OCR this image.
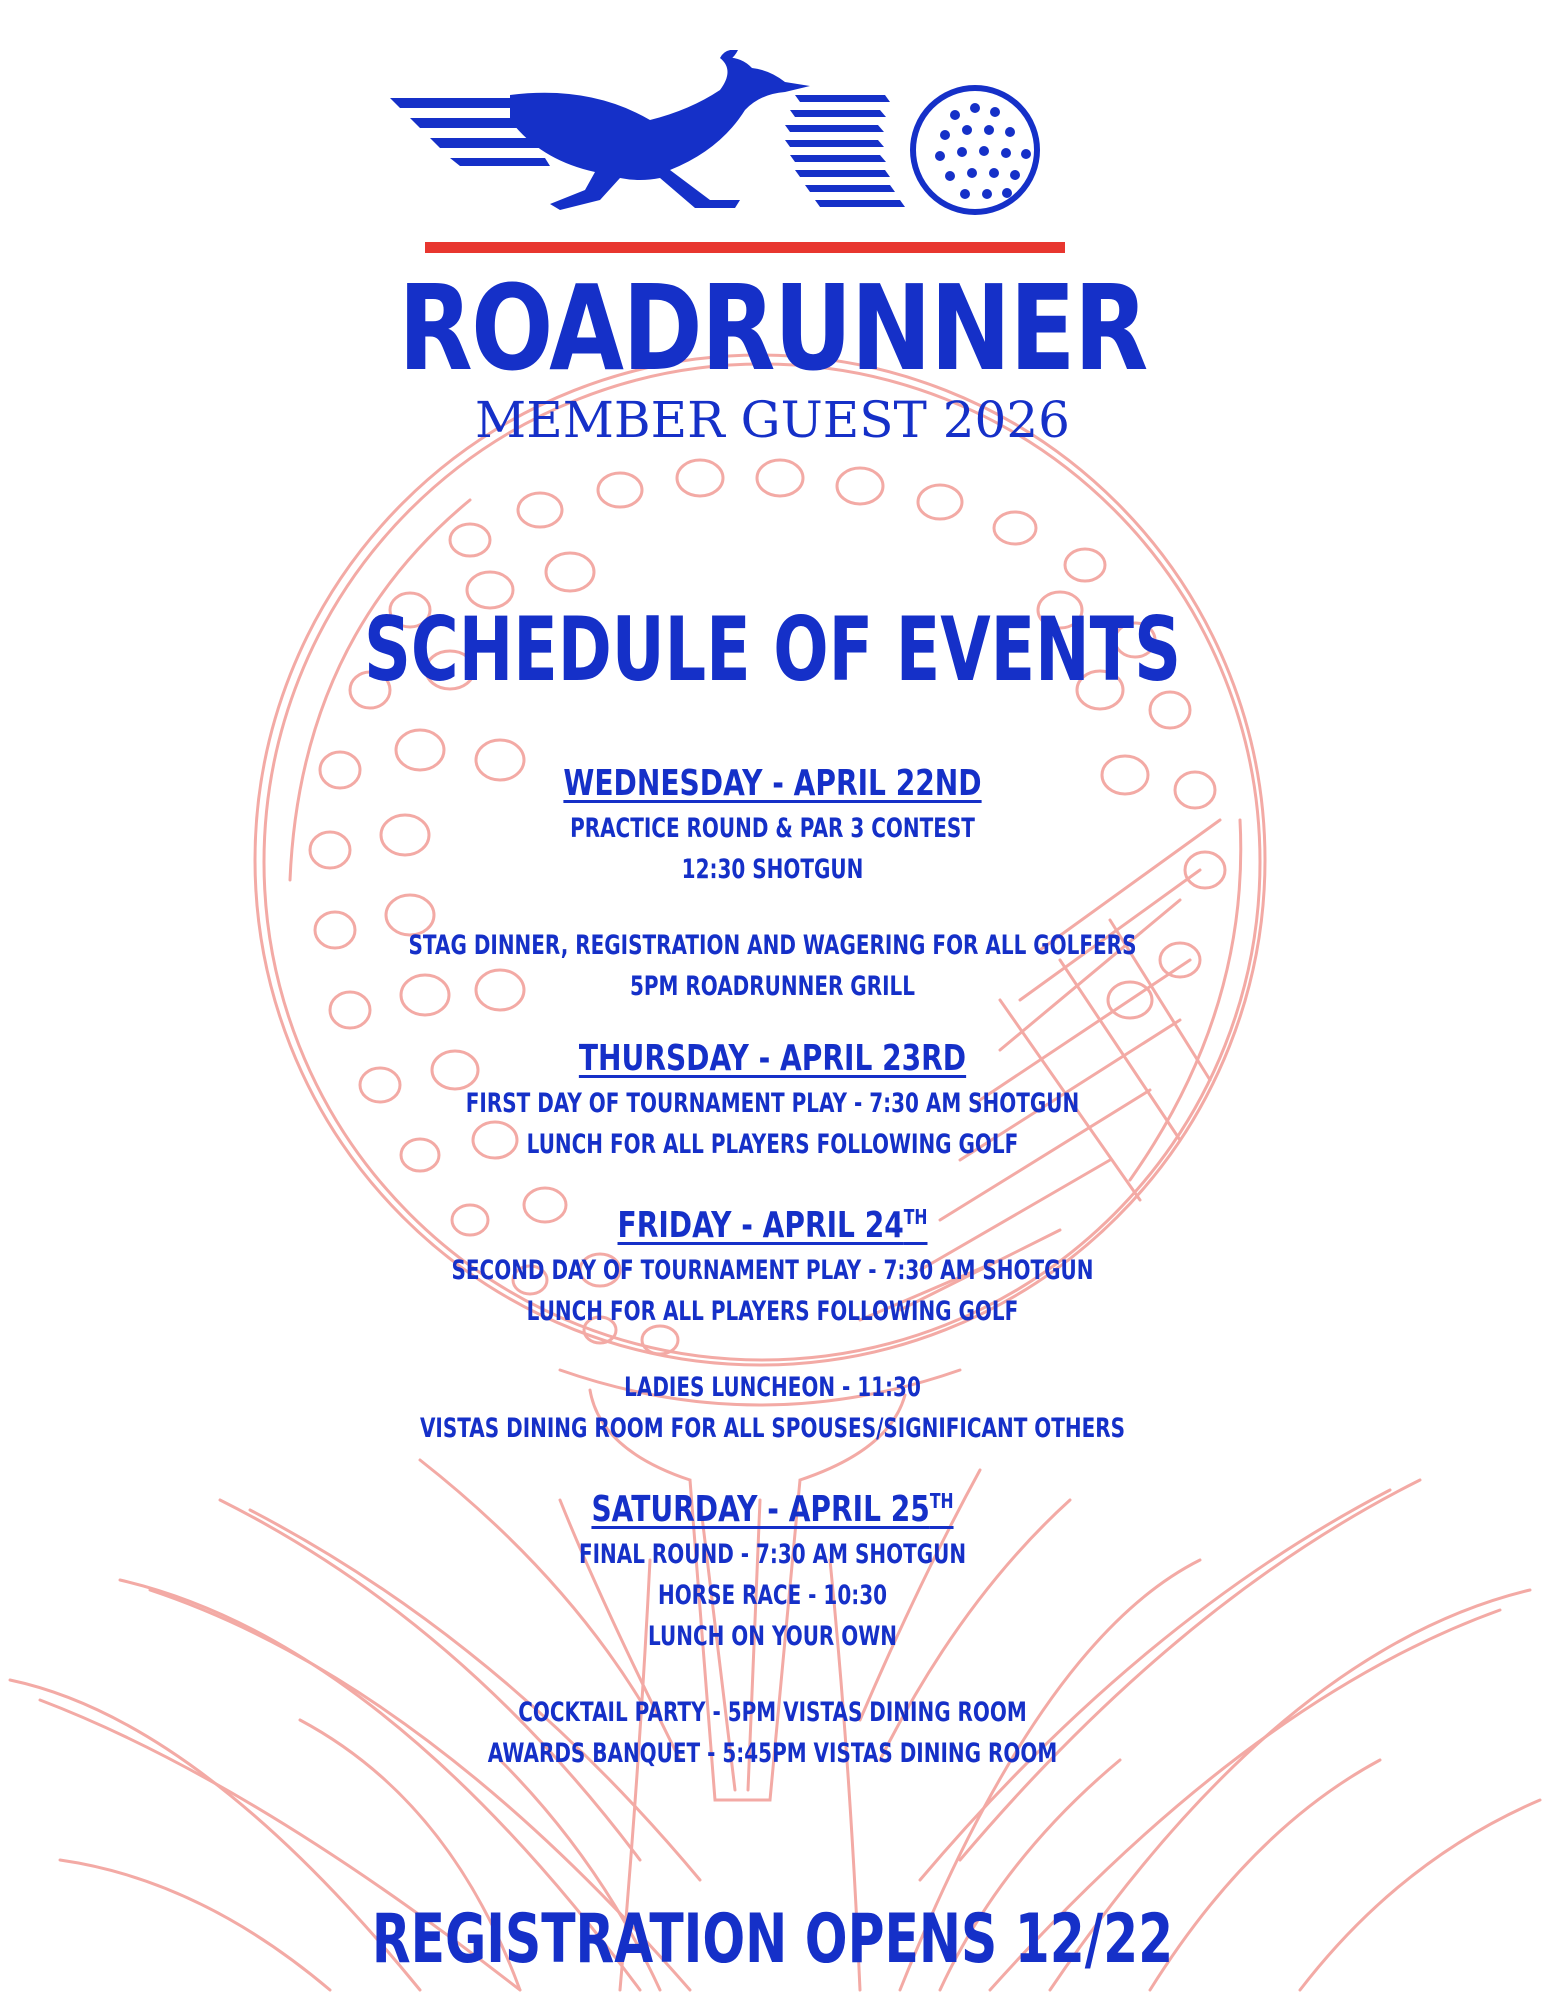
ROADRUNNER
MEMBER GUEST 2026
SCHEDULE OF EVENTS
WEDNESDAY - APRIL 22ND
PRACTICE ROUND & PAR 3 CONTEST
12:30 SHOTGUN
STAG DINNER, REGISTRATION AND WAGERING FOR ALL GOLFERS
5PM ROADRUNNER GRILL
THURSDAY - APRIL 23RD
FIRST DAY OF TOURNAMENT PLAY - 7:30 AM SHOTGUN
LUNCH FOR ALL PLAYERS FOLLOWING GOLF
FRIDAY - APRIL 24TH
SECOND DAY OF TOURNAMENT PLAY - 7:30 AM SHOTGUN
LUNCH FOR ALL PLAYERS FOLLOWING GOLF
LADIES LUNCHEON - 11:30
VISTAS DINING ROOM FOR ALL SPOUSES/SIGNIFICANT OTHERS
SATURDAY - APRIL 25TH
FINAL ROUND - 7:30 AM SHOTGUN
HORSE RACE - 10:30
LUNCH ON YOUR OWN
COCKTAIL PARTY - 5PM VISTAS DINING ROOM
AWARDS BANQUET - 5:45PM VISTAS DINING ROOM
REGISTRATION OPENS 12/22
